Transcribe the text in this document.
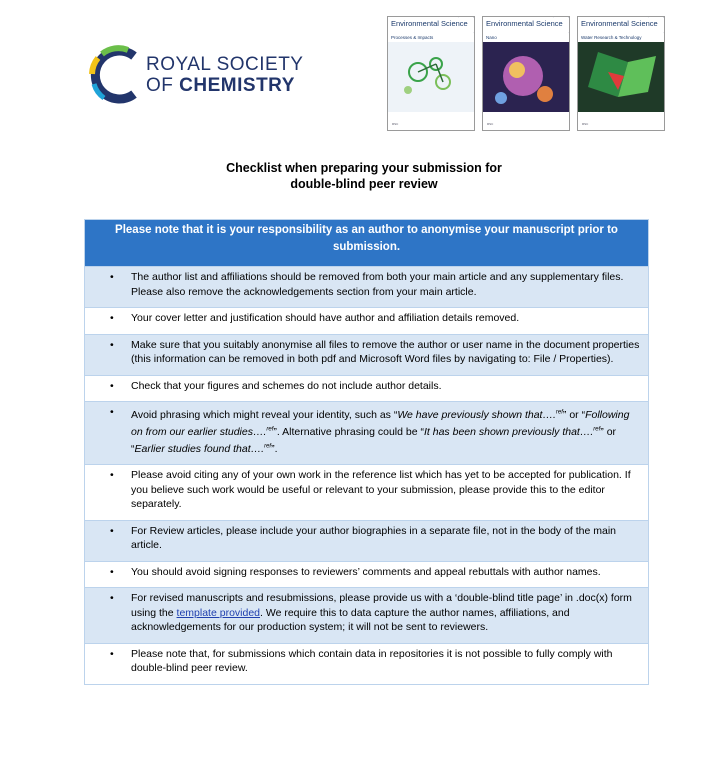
ROYAL SOCIETY
OF CHEMISTRY
Environmental Science
Processes & Impacts
RSC
Environmental Science
Nano
RSC
Environmental Science
Water Research & Technology
RSC
Checklist when preparing your submission for
double-blind peer review
Please note that it is your responsibility as an author to anonymise your manuscript prior to submission.

• The author list and affiliations should be removed from both your main article and any supplementary files. Please also remove the acknowledgements section from your main article.

• Your cover letter and justification should have author and affiliation details removed.

• Make sure that you suitably anonymise all files to remove the author or user name in the document properties (this information can be removed in both pdf and Microsoft Word files by navigating to: File / Properties).

• Check that your figures and schemes do not include author details.

• Avoid phrasing which might reveal your identity, such as “We have previously shown that….$^{ref}$” or “Following on from our earlier studies….$^{ref}$”. Alternative phrasing could be “It has been shown previously that….$^{ref}$” or “Earlier studies found that….$^{ref}$”.

• Please avoid citing any of your own work in the reference list which has yet to be accepted for publication. If you believe such work would be useful or relevant to your submission, please provide this to the editor separately.

• For Review articles, please include your author biographies in a separate file, not in the body of the main article.

• You should avoid signing responses to reviewers’ comments and appeal rebuttals with author names.

• For revised manuscripts and resubmissions, please provide us with a ‘double-blind title page’ in .doc(x) form using the template provided. We require this to data capture the author names, affiliations, and acknowledgements for our production system; it will not be sent to reviewers.

• Please note that, for submissions which contain data in repositories it is not possible to fully comply with double-blind peer review.
